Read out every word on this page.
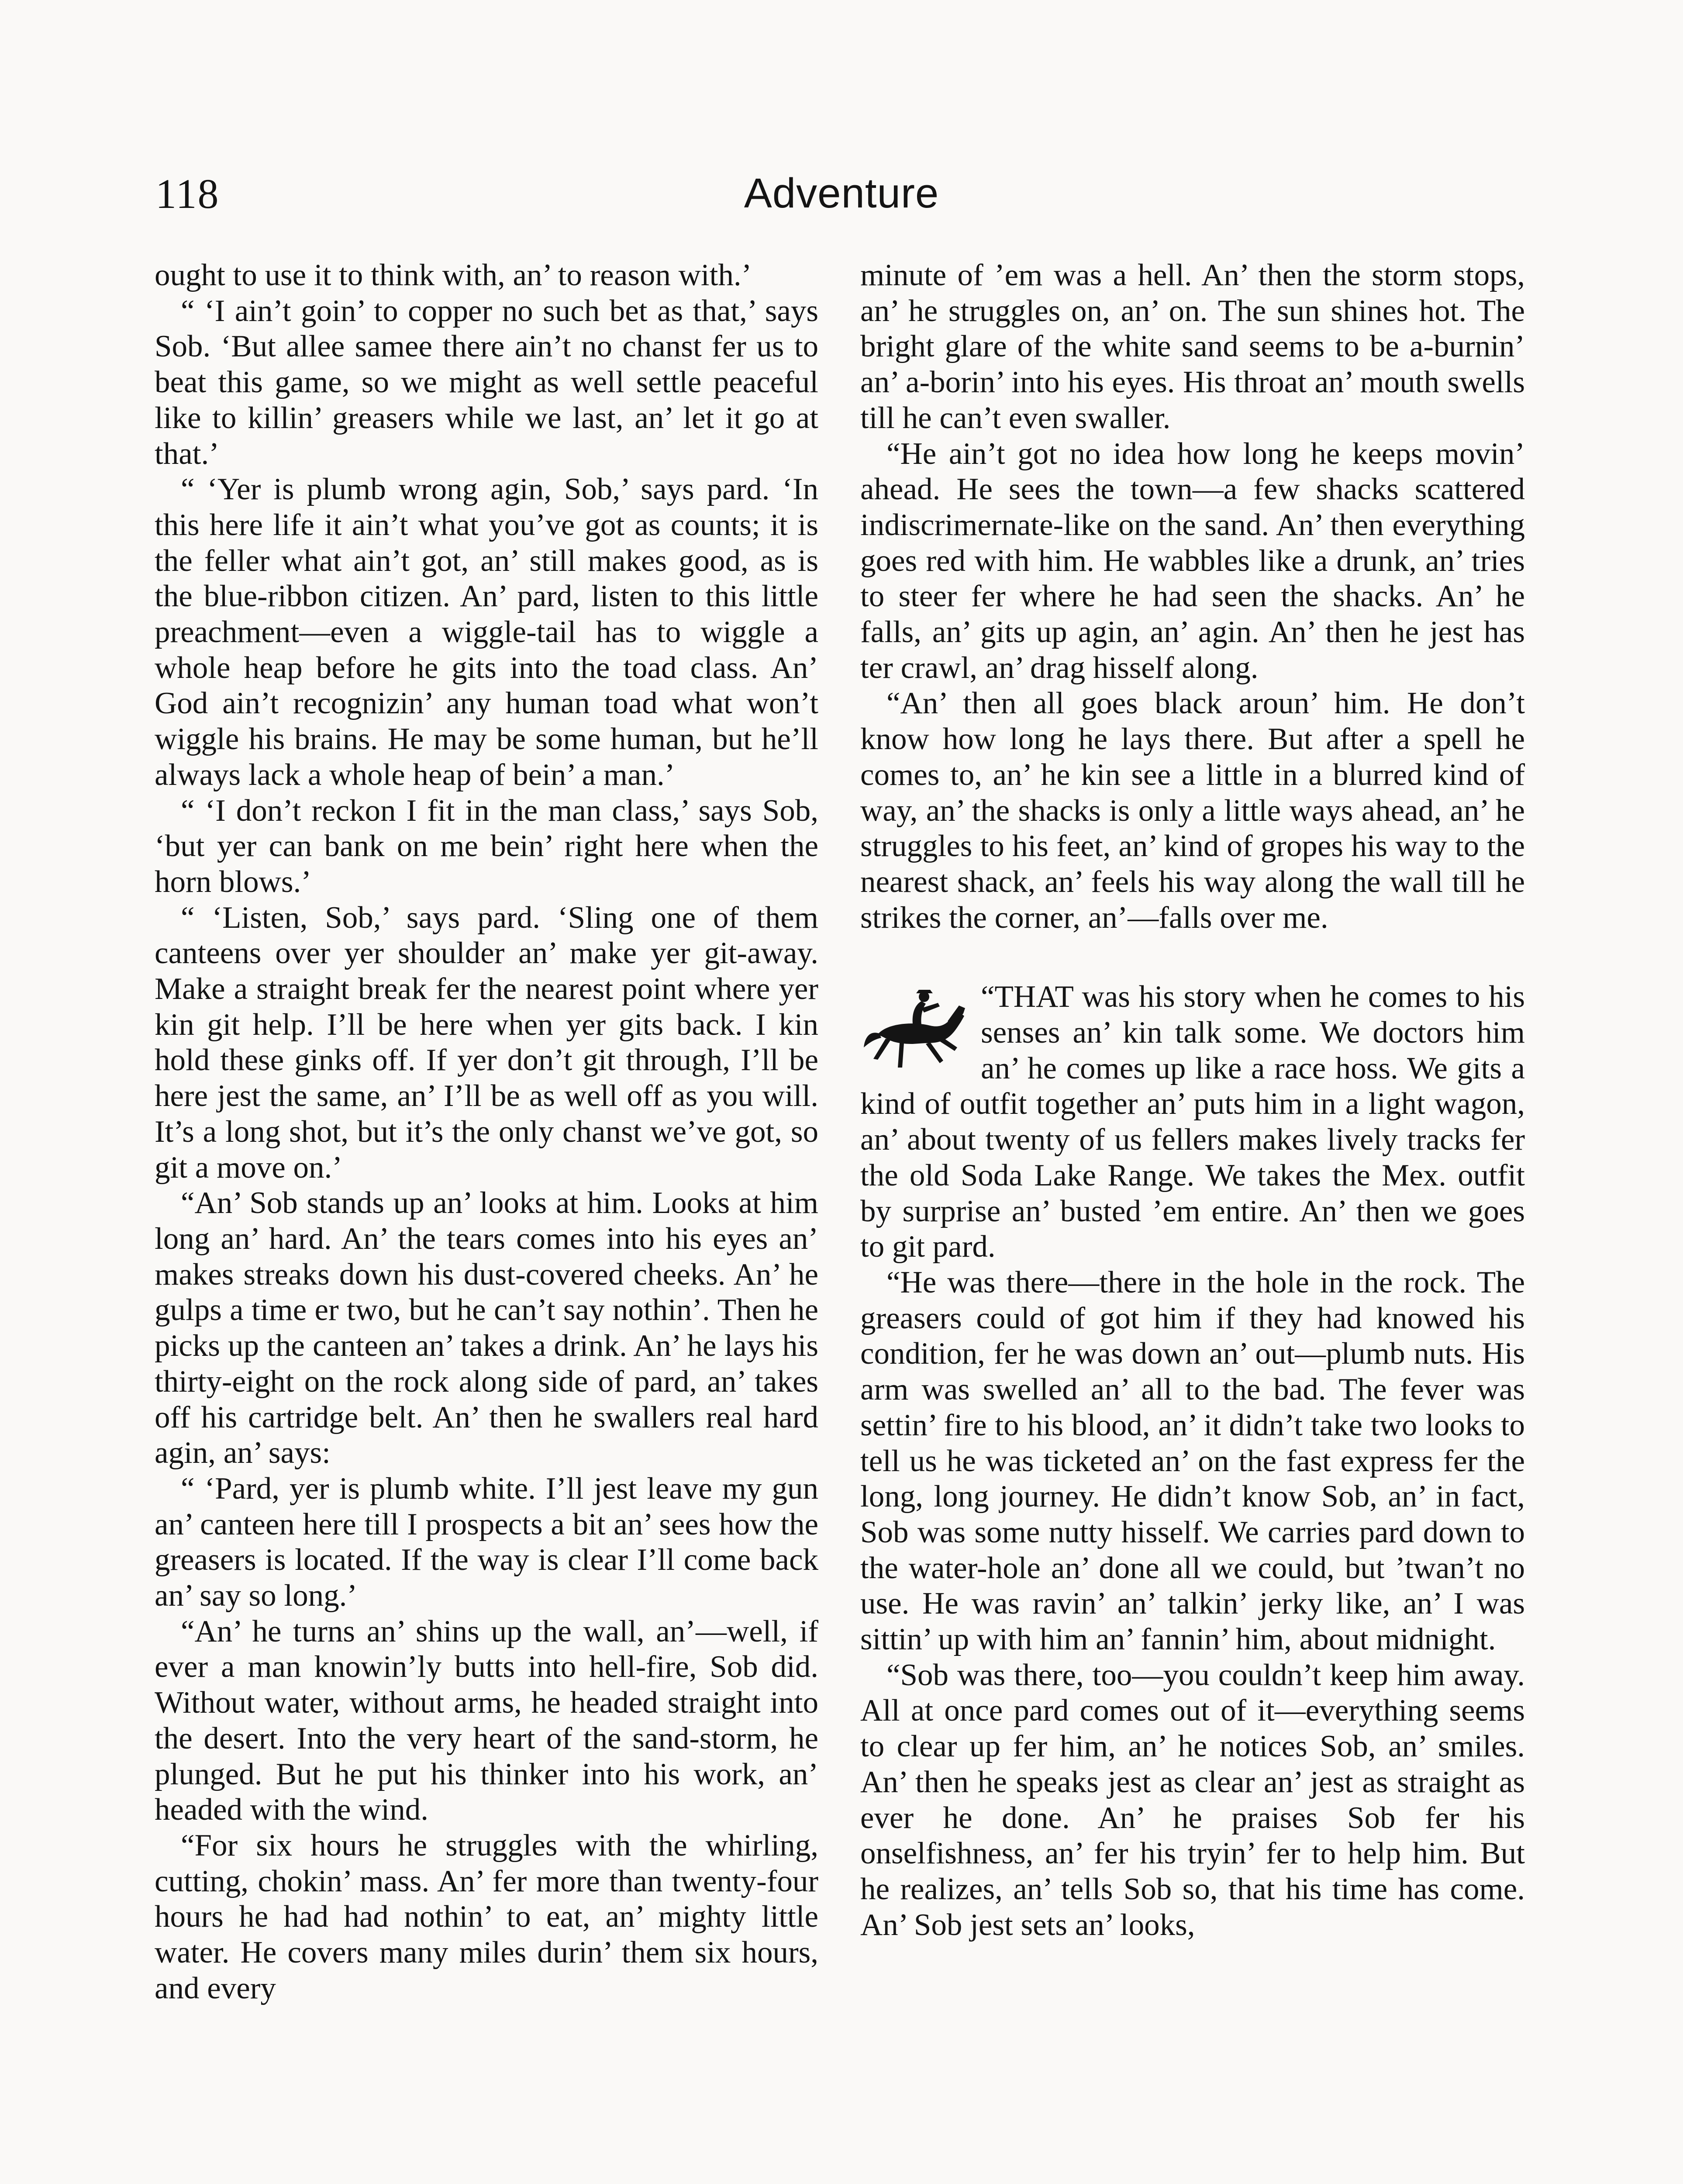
118	Adventure

ought to use it to think with, an’ to reason with.’

“ ‘I ain’t goin’ to copper no such bet as that,’ says Sob. ‘But allee samee there ain’t no chanst fer us to beat this game, so we might as well settle peaceful like to killin’ greasers while we last, an’ let it go at that.’

“ ‘Yer is plumb wrong agin, Sob,’ says pard. ‘In this here life it ain’t what you’ve got as counts; it is the feller what ain’t got, an’ still makes good, as is the blue-ribbon citizen. An’ pard, listen to this little preachment—even a wiggle-tail has to wiggle a whole heap before he gits into the toad class. An’ God ain’t recognizin’ any human toad what won’t wiggle his brains. He may be some human, but he’ll always lack a whole heap of bein’ a man.’

“ ‘I don’t reckon I fit in the man class,’ says Sob, ‘but yer can bank on me bein’ right here when the horn blows.’

“ ‘Listen, Sob,’ says pard. ‘Sling one of them canteens over yer shoulder an’ make yer git-away. Make a straight break fer the nearest point where yer kin git help. I’ll be here when yer gits back. I kin hold these ginks off. If yer don’t git through, I’ll be here jest the same, an’ I’ll be as well off as you will. It’s a long shot, but it’s the only chanst we’ve got, so git a move on.’

“An’ Sob stands up an’ looks at him. Looks at him long an’ hard. An’ the tears comes into his eyes an’ makes streaks down his dust-covered cheeks. An’ he gulps a time er two, but he can’t say nothin’. Then he picks up the canteen an’ takes a drink. An’ he lays his thirty-eight on the rock along side of pard, an’ takes off his cartridge belt. An’ then he swallers real hard agin, an’ says:

“ ‘Pard, yer is plumb white. I’ll jest leave my gun an’ canteen here till I prospects a bit an’ sees how the greasers is located. If the way is clear I’ll come back an’ say so long.’

“An’ he turns an’ shins up the wall, an’—well, if ever a man knowin’ly butts into hell-fire, Sob did. Without water, without arms, he headed straight into the desert. Into the very heart of the sand-storm, he plunged. But he put his thinker into his work, an’ headed with the wind.

“For six hours he struggles with the whirling, cutting, chokin’ mass. An’ fer more than twenty-four hours he had had nothin’ to eat, an’ mighty little water. He covers many miles durin’ them six hours, and every

minute of ’em was a hell. An’ then the storm stops, an’ he struggles on, an’ on. The sun shines hot. The bright glare of the white sand seems to be a-burnin’ an’ a-borin’ into his eyes. His throat an’ mouth swells till he can’t even swaller.

“He ain’t got no idea how long he keeps movin’ ahead. He sees the town—a few shacks scattered indiscrimernate-like on the sand. An’ then everything goes red with him. He wabbles like a drunk, an’ tries to steer fer where he had seen the shacks. An’ he falls, an’ gits up agin, an’ agin. An’ then he jest has ter crawl, an’ drag hisself along.

“An’ then all goes black aroun’ him. He don’t know how long he lays there. But after a spell he comes to, an’ he kin see a little in a blurred kind of way, an’ the shacks is only a little ways ahead, an’ he struggles to his feet, an’ kind of gropes his way to the nearest shack, an’ feels his way along the wall till he strikes the corner, an’—falls over me.

“THAT was his story when he comes to his senses an’ kin talk some. We doctors him an’ he comes up like a race hoss. We gits a kind of outfit together an’ puts him in a light wagon, an’ about twenty of us fellers makes lively tracks fer the old Soda Lake Range. We takes the Mex. outfit by surprise an’ busted ’em entire. An’ then we goes to git pard.

“He was there—there in the hole in the rock. The greasers could of got him if they had knowed his condition, fer he was down an’ out—plumb nuts. His arm was swelled an’ all to the bad. The fever was settin’ fire to his blood, an’ it didn’t take two looks to tell us he was ticketed an’ on the fast express fer the long, long journey. He didn’t know Sob, an’ in fact, Sob was some nutty hisself. We carries pard down to the water-hole an’ done all we could, but ’twan’t no use. He was ravin’ an’ talkin’ jerky like, an’ I was sittin’ up with him an’ fannin’ him, about midnight.

“Sob was there, too—you couldn’t keep him away. All at once pard comes out of it—everything seems to clear up fer him, an’ he notices Sob, an’ smiles. An’ then he speaks jest as clear an’ jest as straight as ever he done. An’ he praises Sob fer his onselfishness, an’ fer his tryin’ fer to help him. But he realizes, an’ tells Sob so, that his time has come. An’ Sob jest sets an’ looks,
